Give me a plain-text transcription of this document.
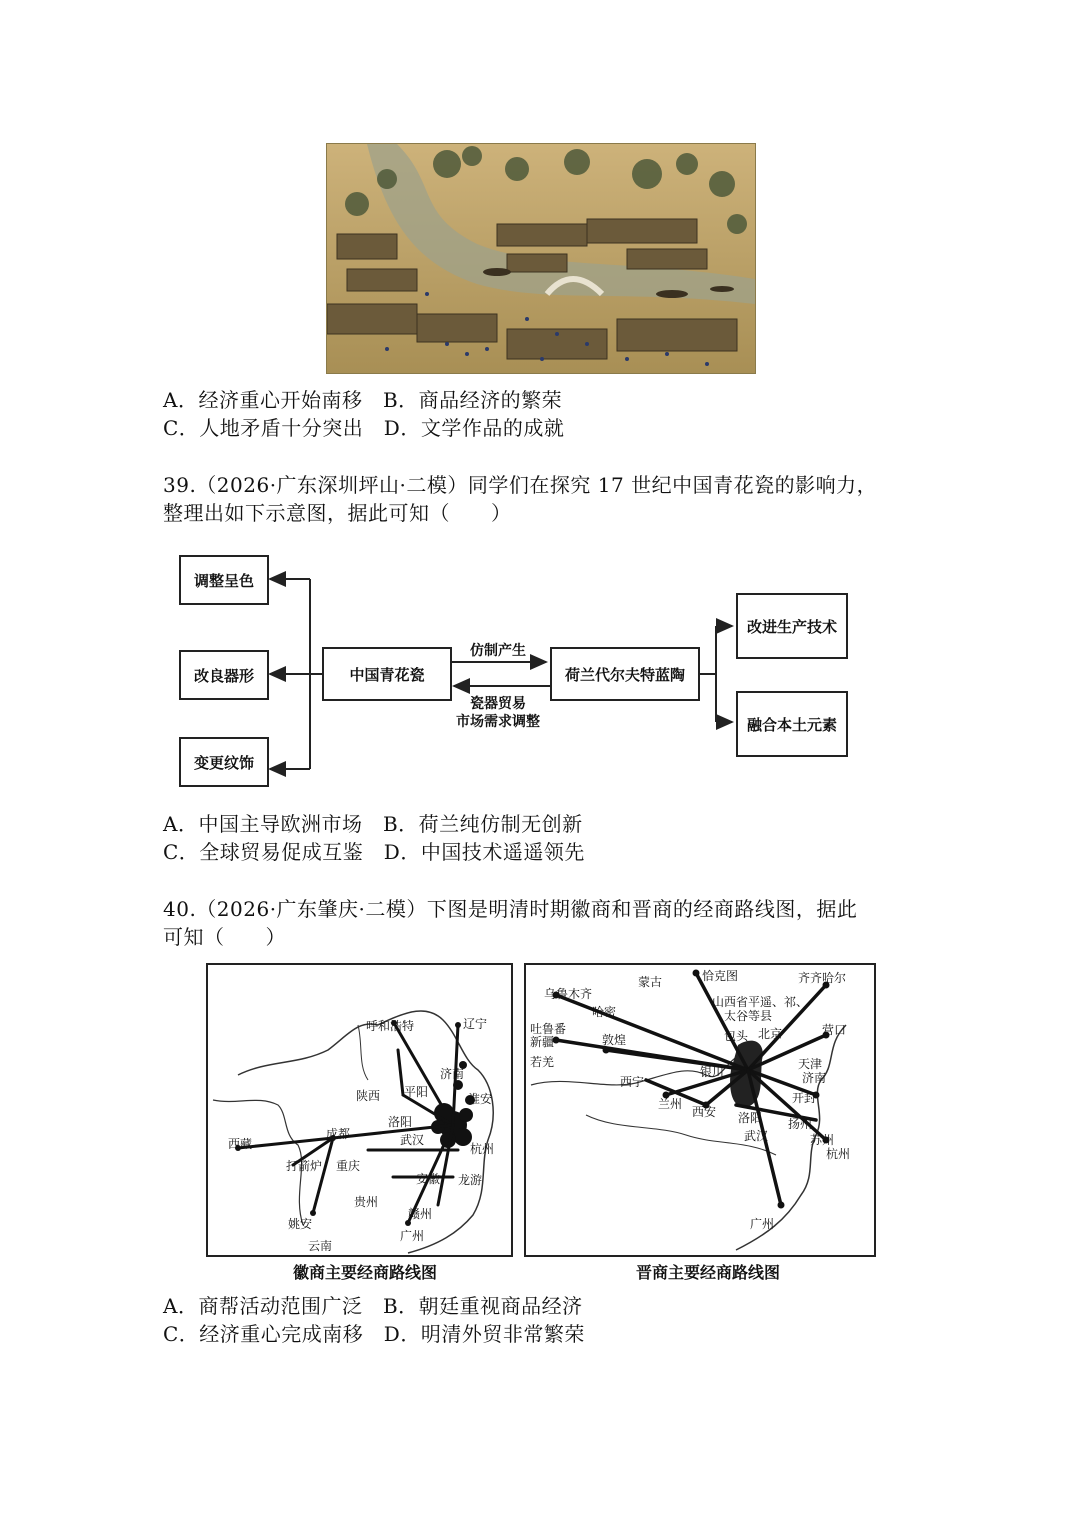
A．经济重心开始南移　B．商品经济的繁荣
C．人地矛盾十分突出　D．文学作品的成就
39.（2026·广东深圳坪山·二模）同学们在探究 17 世纪中国青花瓷的影响力，
整理出如下示意图，据此可知（　　）
调整呈色
改良器形
变更纹饰
中国青花瓷
仿制产生
瓷器贸易
市场需求调整
荷兰代尔夫特蓝陶
改进生产技术
融合本土元素
A．中国主导欧洲市场　B．荷兰纯仿制无创新
C．全球贸易促成互鉴　D．中国技术遥遥领先
40.（2026·广东肇庆·二模）下图是明清时期徽商和晋商的经商路线图，据此
可知（　　）
呼和浩特	辽宁
陕西 平阳
济南
淮安
洛阳
西藏
成都	武汉
杭州
打箭炉 重庆
安徽 龙游
贵州
姚安
赣州
云南
广州
徽商主要经商路线图
乌鲁木齐
蒙古	恰克图	齐齐哈尔
哈密
山西省平遥、祁、
太谷等县
吐鲁番
新疆	敦煌	包头 北京	营口
若羌	天津
银川	济南
西宁
兰州
西安
开封
洛阳 扬州
武汉	苏州
杭州
广州
晋商主要经商路线图
A．商帮活动范围广泛　B．朝廷重视商品经济
C．经济重心完成南移　D．明清外贸非常繁荣
